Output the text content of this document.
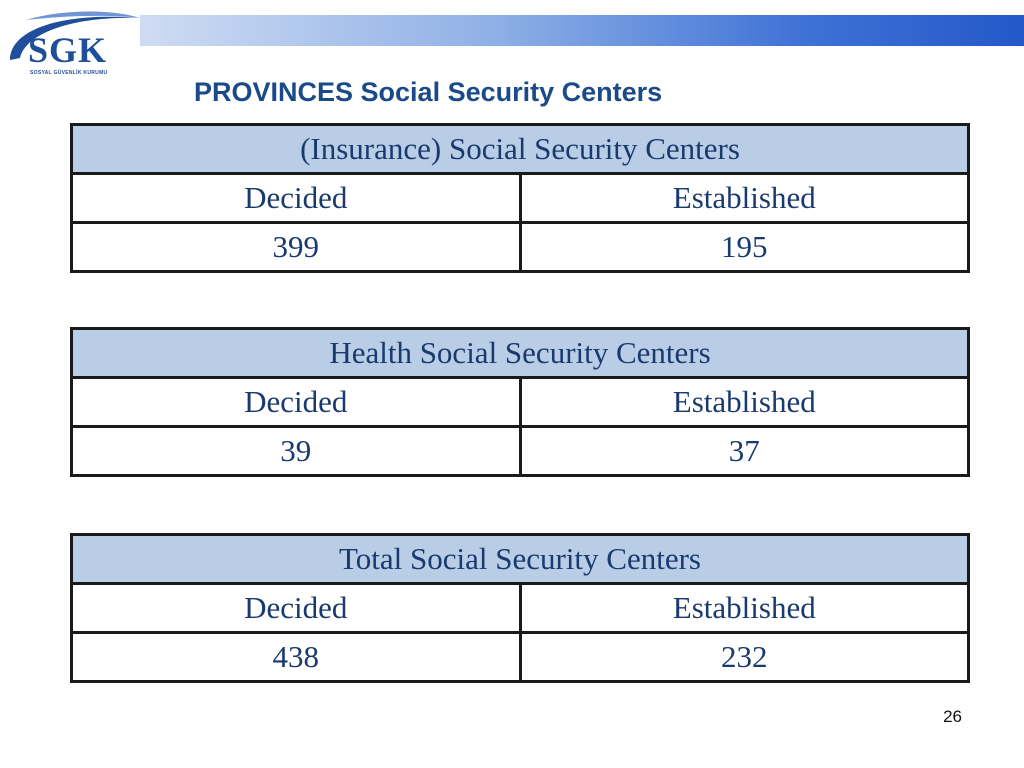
SGK
SOSYAL GÜVENLİK KURUMU
PROVINCES Social Security Centers
(Insurance) Social Security Centers	
Decided	Established
399	195
Health Social Security Centers	
Decided	Established
39	37
Total Social Security Centers	
Decided	Established
438	232
26
